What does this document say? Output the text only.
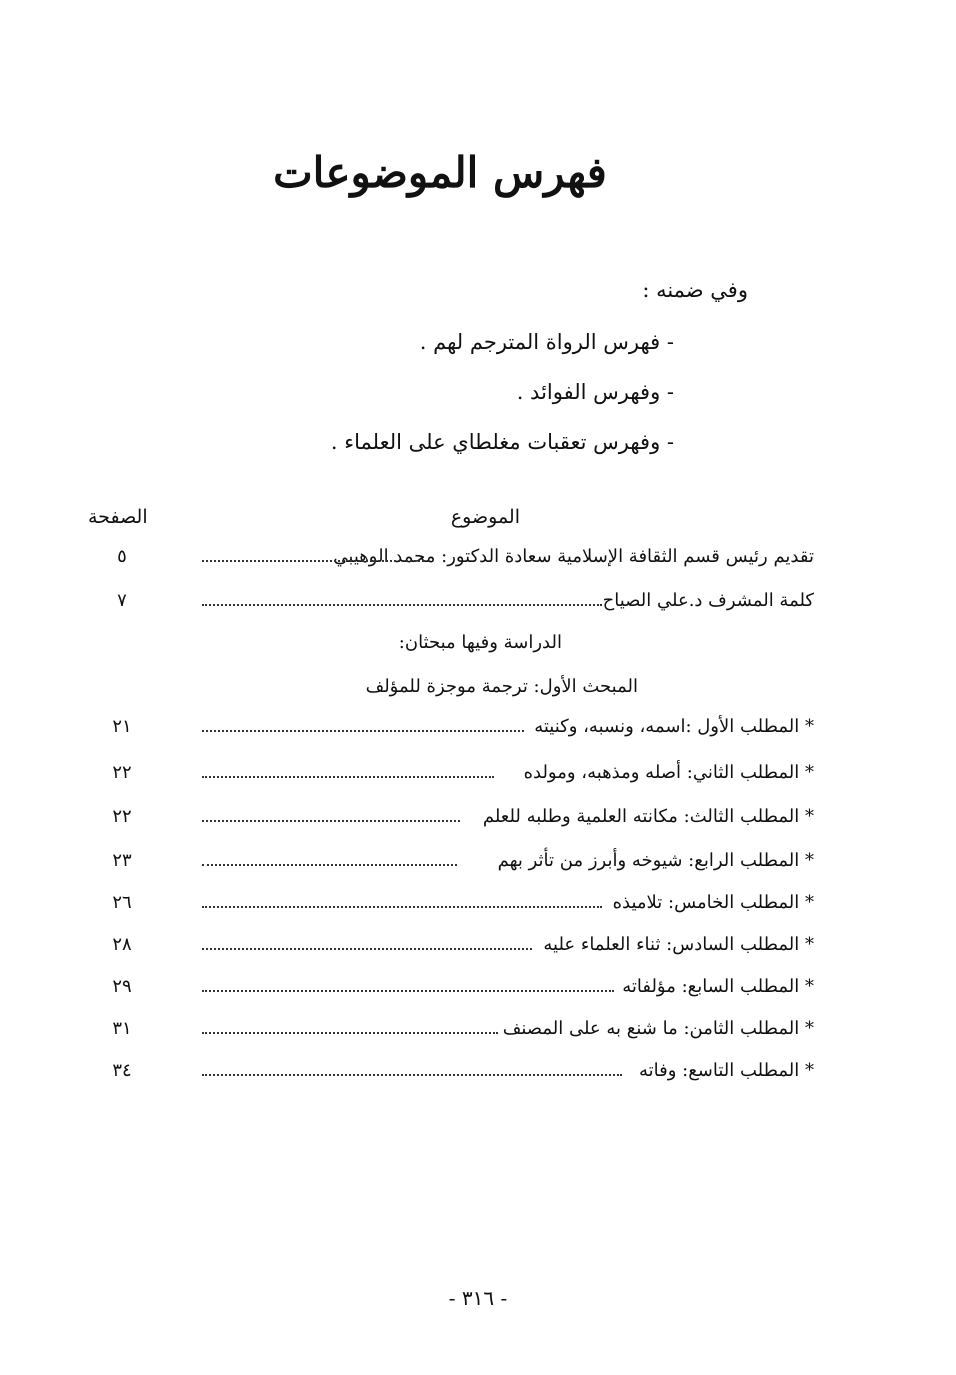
فهرس الموضوعات
وفي ضمنه :
- فهرس الرواة المترجم لهم .
- وفهرس الفوائد .
- وفهرس تعقبات مغلطاي على العلماء .
الموضوع
الصفحة
تقديم رئيس قسم الثقافة الإسلامية سعادة الدكتور: محمد الوهيبي
٥
كلمة المشرف د.علي الصياح
٧
الدراسة وفيها مبحثان:
المبحث الأول: ترجمة موجزة للمؤلف
* المطلب الأول :اسمه، ونسبه، وكنيته
٢١
* المطلب الثاني: أصله ومذهبه، ومولده
٢٢
* المطلب الثالث: مكانته العلمية وطلبه للعلم
٢٢
* المطلب الرابع: شيوخه وأبرز من تأثر بهم
٢٣
* المطلب الخامس: تلاميذه
٢٦
* المطلب السادس: ثناء العلماء عليه
٢٨
* المطلب السابع: مؤلفاته
٢٩
* المطلب الثامن: ما شنع به على المصنف
٣١
* المطلب التاسع: وفاته
٣٤
- ٣١٦ -
